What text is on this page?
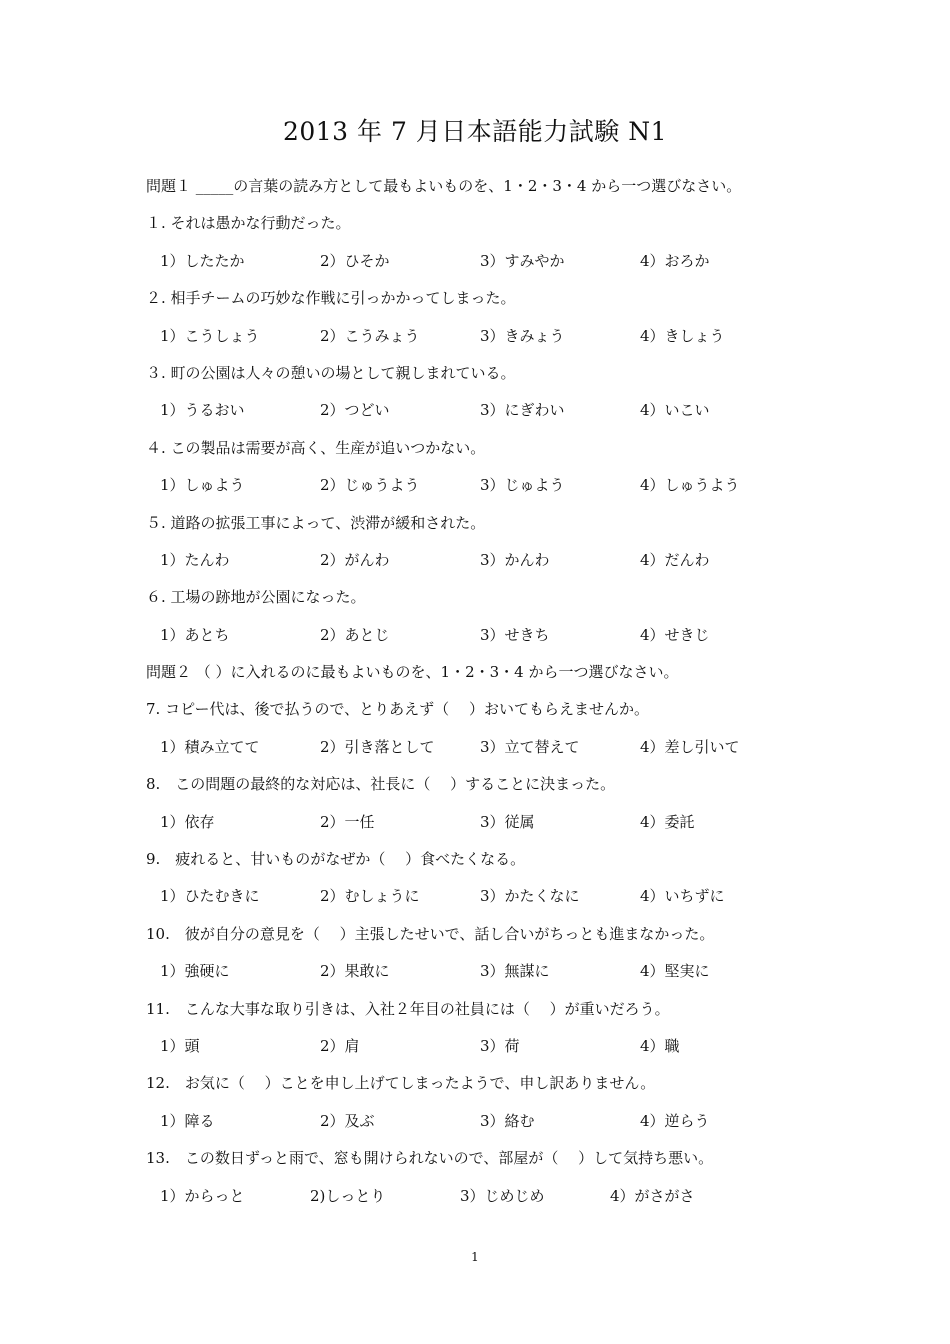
2013 年 7 月日本語能力試験 N1
問題１ _____の言葉の読み方として最もよいものを、1・2・3・4 から一つ選びなさい。
１. それは愚かな行動だった。
1）したたか	2）ひそか	3）すみやか	4）おろか
２. 相手チームの巧妙な作戦に引っかかってしまった。
1）こうしょう	2）こうみょう	3）きみょう	4）きしょう
３. 町の公園は人々の憩いの場として親しまれている。
1）うるおい	2）つどい	3）にぎわい	4）いこい
４. この製品は需要が高く、生産が追いつかない。
1）しゅよう	2）じゅうよう	3）じゅよう	4）しゅうよう
５. 道路の拡張工事によって、渋滞が緩和された。
1）たんわ	2）がんわ	3）かんわ	4）だんわ
６. 工場の跡地が公園になった。
1）あとち	2）あとじ	3）せきち	4）せきじ
問題２ （ ）に入れるのに最もよいものを、1・2・3・4 から一つ選びなさい。
7. コピー代は、後で払うので、とりあえず（　 ）おいてもらえませんか。
1）積み立てて	2）引き落として	3）立て替えて	4）差し引いて
8.　この問題の最終的な対応は、社長に（　 ）することに決まった。
1）依存	2）一任	3）従属	4）委託
9.　疲れると、甘いものがなぜか（　 ）食べたくなる。
1）ひたむきに	2）むしょうに	3）かたくなに	4）いちずに
10.　彼が自分の意見を（　 ）主張したせいで、話し合いがちっとも進まなかった。
1）強硬に	2）果敢に	3）無謀に	4）堅実に
11.　こんな大事な取り引きは、入社２年目の社員には（　 ）が重いだろう。
1）頭	2）肩	3）荷	4）職
12.　お気に（　 ）ことを申し上げてしまったようで、申し訳ありません。
1）障る	2）及ぶ	3）絡む	4）逆らう
13.　この数日ずっと雨で、窓も開けられないので、部屋が（　 ）して気持ち悪い。
1）からっと	2)しっとり	3）じめじめ	4）がさがさ
1
